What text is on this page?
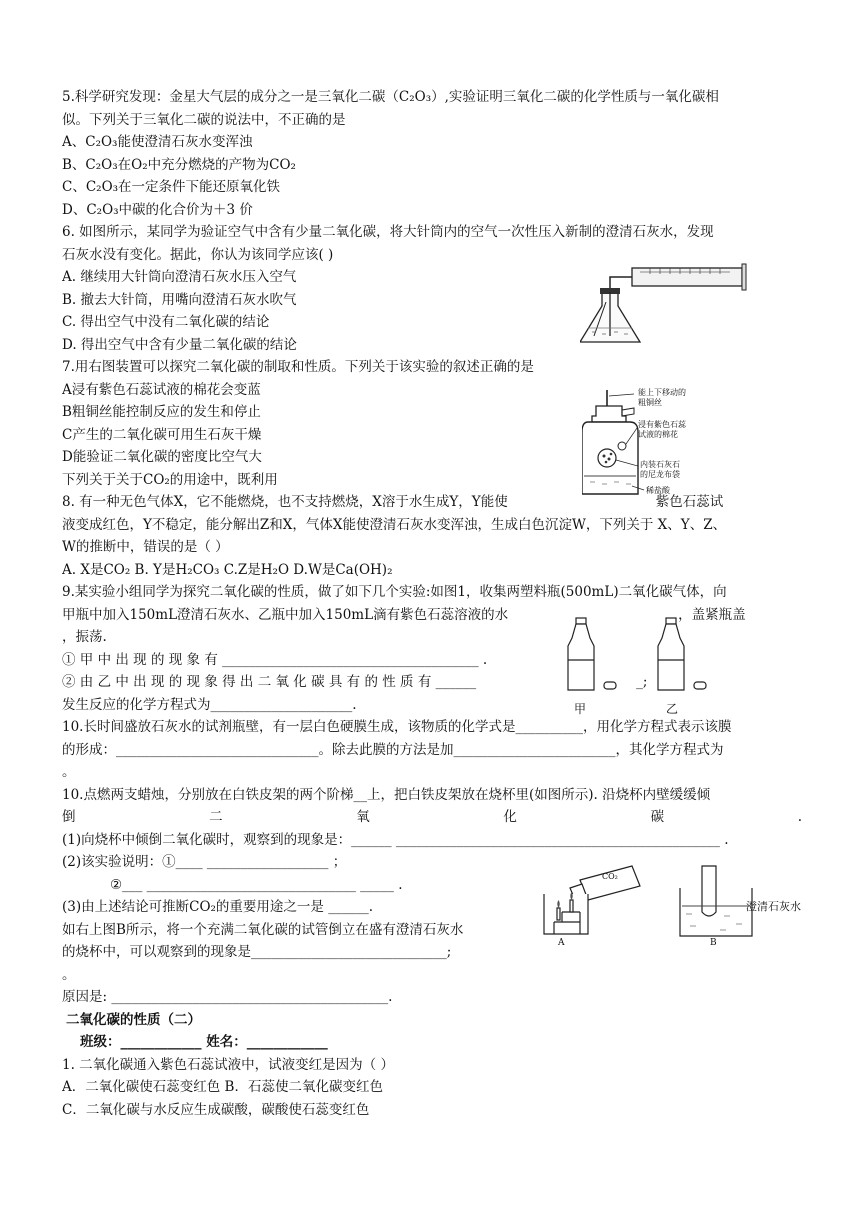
5.科学研究发现：金星大气层的成分之一是三氧化二碳（C₂O₃）,实验证明三氧化二碳的化学性质与一氧化碳相
似。下列关于三氧化二碳的说法中，不正确的是
A、C₂O₃能使澄清石灰水变浑浊
B、C₂O₃在O₂中充分燃烧的产物为CO₂
C、C₂O₃在一定条件下能还原氧化铁
D、C₂O₃中碳的化合价为＋3 价
6. 如图所示，某同学为验证空气中含有少量二氧化碳，将大针筒内的空气一次性压入新制的澄清石灰水，发现
石灰水没有变化。据此，你认为该同学应该( )
A. 继续用大针筒向澄清石灰水压入空气
B. 撤去大针筒，用嘴向澄清石灰水吹气
C. 得出空气中没有二氧化碳的结论
D. 得出空气中含有少量二氧化碳的结论
7.用右图装置可以探究二氧化碳的制取和性质。下列关于该实验的叙述正确的是
A浸有紫色石蕊试液的棉花会变蓝
B粗铜丝能控制反应的发生和停止
C产生的二氧化碳可用生石灰干燥
D能验证二氧化碳的密度比空气大
下列关于关于CO₂的用途中，既利用
8. 有一种无色气体X，它不能燃烧，也不支持燃烧，X溶于水生成Y，Y能使	紫色石蕊试
液变成红色，Y不稳定，能分解出Z和X，气体X能使澄清石灰水变浑浊，生成白色沉淀W，下列关于 X、Y、Z、
W的推断中，错误的是（ ）
A. X是CO₂ B. Y是H₂CO₃ C.Z是H₂O D.W是Ca(OH)₂
9.某实验小组同学为探究二氧化碳的性质，做了如下几个实验:如图1，收集两塑料瓶(500mL)二氧化碳气体，向
甲瓶中加入150mL澄清石灰水、乙瓶中加入150mL滴有紫色石蕊溶液的水	，盖紧瓶盖
，振荡.
① 甲 中 出 现 的 现 象 有 ______________________________________ .
② 由 乙 中 出 现 的 现 象 得 出 二 氧 化 碳 具 有 的 性 质 有 ______	_;
发生反应的化学方程式为_____________________.
10.长时间盛放石灰水的试剂瓶壁，有一层白色硬膜生成，该物质的化学式是__________，用化学方程式表示该膜
的形成：______________________________。除去此膜的方法是加________________________，其化学方程式为
。
10.点燃两支蜡烛，分别放在白铁皮架的两个阶梯__上，把白铁皮架放在烧杯里(如图所示). 沿烧杯内壁缓缓倾
倒	二	氧	化	碳	.
(1)向烧杯中倾倒二氧化碳时，观察到的现象是：______ ________________________________________________ .
(2)该实验说明：①____ __________________ ；
②___ _______________________________ _____ .
(3)由上述结论可推断CO₂的重要用途之一是 ______.
如右上图B所示，将一个充满二氧化碳的试管倒立在盛有澄清石灰水
的烧杯中，可以观察到的现象是_____________________________;
。
原因是: _________________________________________.
二氧化碳的性质（二）
班级：____________ 姓名：____________
1. 二氧化碳通入紫色石蕊试液中，试液变红是因为（ ）
A．二氧化碳使石蕊变红色 B．石蕊使二氧化碳变红色
C．二氧化碳与水反应生成碳酸，碳酸使石蕊变红色
能上下移动的
粗铜丝
浸有紫色石蕊
试液的棉花
内装石灰石
的尼龙布袋
稀盐酸
甲	乙
CO₂
A	B
澄清石灰水
